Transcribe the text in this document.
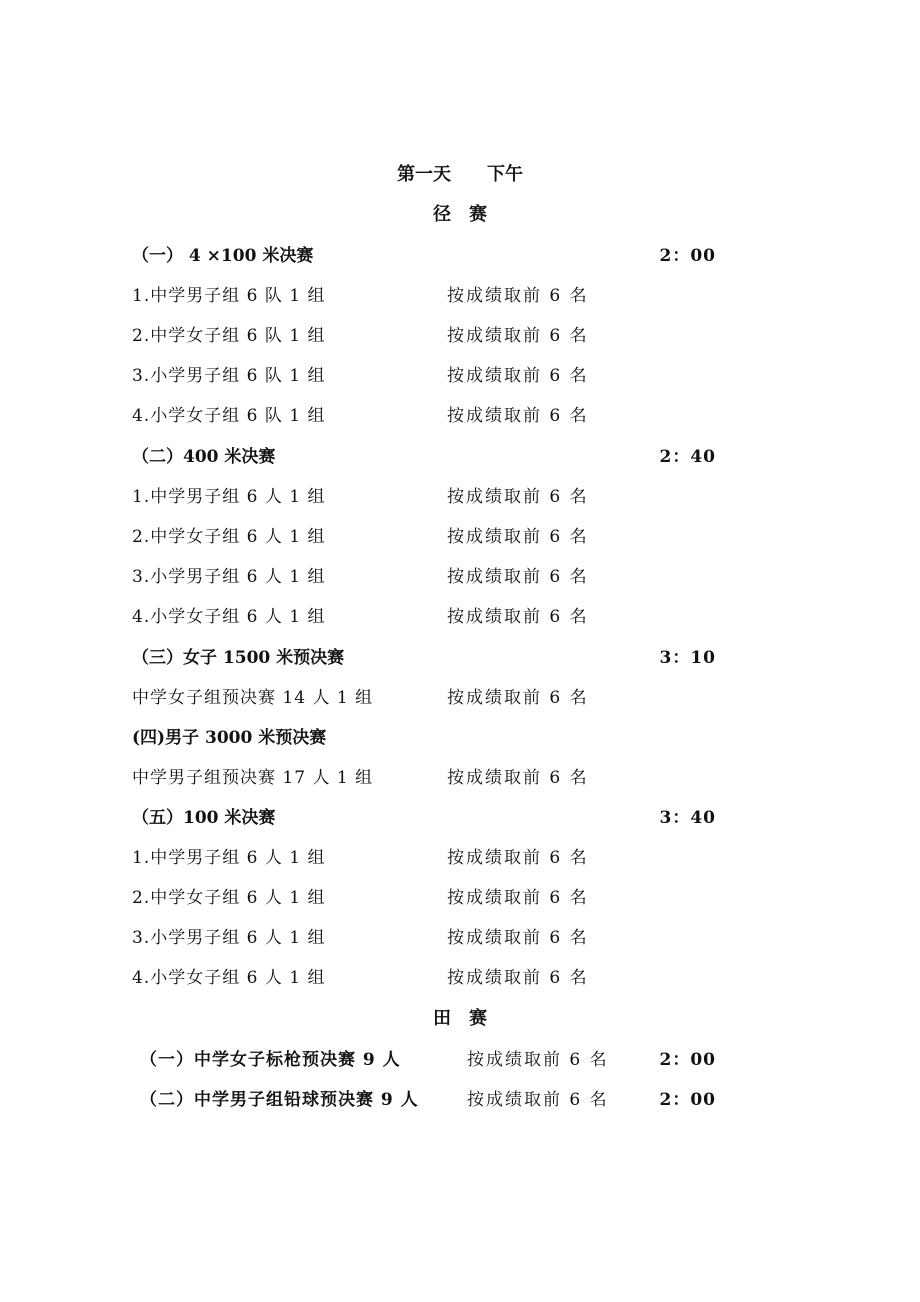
第一天　　下午
径　赛
（一） 4 ×100 米决赛	2：00
1.中学男子组 6 队 1 组	按成绩取前 6 名
2.中学女子组 6 队 1 组	按成绩取前 6 名
3.小学男子组 6 队 1 组	按成绩取前 6 名
4.小学女子组 6 队 1 组	按成绩取前 6 名
（二）400 米决赛	2：40
1.中学男子组 6 人 1 组	按成绩取前 6 名
2.中学女子组 6 人 1 组	按成绩取前 6 名
3.小学男子组 6 人 1 组	按成绩取前 6 名
4.小学女子组 6 人 1 组	按成绩取前 6 名
（三）女子 1500 米预决赛	3：10
中学女子组预决赛 14 人 1 组	按成绩取前 6 名
(四)男子 3000 米预决赛
中学男子组预决赛 17 人 1 组	按成绩取前 6 名
（五）100 米决赛	3：40
1.中学男子组 6 人 1 组	按成绩取前 6 名
2.中学女子组 6 人 1 组	按成绩取前 6 名
3.小学男子组 6 人 1 组	按成绩取前 6 名
4.小学女子组 6 人 1 组	按成绩取前 6 名
田　赛
（一）中学女子标枪预决赛 9 人	按成绩取前 6 名	2：00
（二）中学男子组铅球预决赛 9 人	按成绩取前 6 名	2：00
